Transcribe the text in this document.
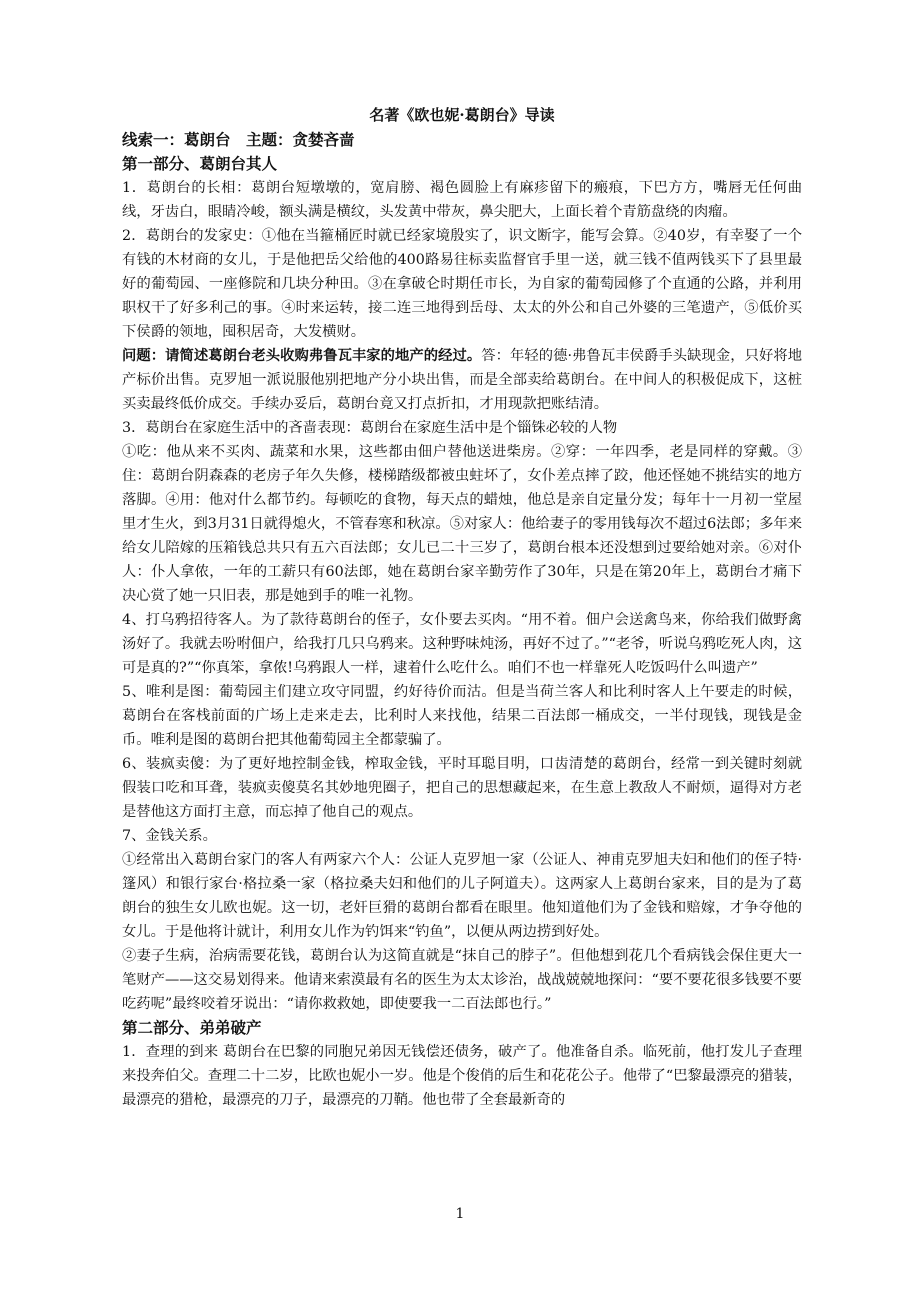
名著《欧也妮·葛朗台》导读
线索一：葛朗台　主题：贪婪吝啬
第一部分、葛朗台其人

1．葛朗台的长相：葛朗台短墩墩的，宽肩膀、褐色圆脸上有麻疹留下的瘢痕，下巴方方，嘴唇无任何曲线，牙齿白，眼睛冷峻，额头满是横纹，头发黄中带灰，鼻尖肥大，上面长着个青筋盘绕的肉瘤。

2．葛朗台的发家史：①他在当箍桶匠时就已经家境殷实了，识文断字，能写会算。②40岁，有幸娶了一个有钱的木材商的女儿，于是他把岳父给他的400路易往标卖监督官手里一送，就三钱不值两钱买下了县里最好的葡萄园、一座修院和几块分种田。③在拿破仑时期任市长，为自家的葡萄园修了个直通的公路，并利用职权干了好多利己的事。④时来运转，接二连三地得到岳母、太太的外公和自己外婆的三笔遗产，⑤低价买下侯爵的领地，囤积居奇，大发横财。

问题：请简述葛朗台老头收购弗鲁瓦丰家的地产的经过。答：年轻的德·弗鲁瓦丰侯爵手头缺现金，只好将地产标价出售。克罗旭一派说服他别把地产分小块出售，而是全部卖给葛朗台。在中间人的积极促成下，这桩买卖最终低价成交。手续办妥后，葛朗台竟又打点折扣，才用现款把账结清。

3．葛朗台在家庭生活中的吝啬表现：葛朗台在家庭生活中是个锱铢必较的人物

①吃：他从来不买肉、蔬菜和水果，这些都由佃户替他送进柴房。②穿：一年四季，老是同样的穿戴。③住：葛朗台阴森森的老房子年久失修，楼梯踏级都被虫蛀坏了，女仆差点摔了跤，他还怪她不挑结实的地方落脚。④用：他对什么都节约。每顿吃的食物，每天点的蜡烛，他总是亲自定量分发；每年十一月初一堂屋里才生火，到3月31日就得熄火，不管春寒和秋凉。⑤对家人：他给妻子的零用钱每次不超过6法郎；多年来给女儿陪嫁的压箱钱总共只有五六百法郎；女儿已二十三岁了，葛朗台根本还没想到过要给她对亲。⑥对仆人：仆人拿侬，一年的工薪只有60法郎，她在葛朗台家辛勤劳作了30年，只是在第20年上，葛朗台才痛下决心赏了她一只旧表，那是她到手的唯一礼物。

4、打乌鸦招待客人。为了款待葛朗台的侄子，女仆要去买肉。“用不着。佃户会送禽鸟来，你给我们做野禽汤好了。我就去吩咐佃户，给我打几只乌鸦来。这种野味炖汤，再好不过了。”“老爷，听说乌鸦吃死人肉，这可是真的?”“你真笨，拿侬!乌鸦跟人一样，逮着什么吃什么。咱们不也一样靠死人吃饭吗什么叫遗产”

5、唯利是图：葡萄园主们建立攻守同盟，约好待价而沽。但是当荷兰客人和比利时客人上午要走的时候，葛朗台在客栈前面的广场上走来走去，比利时人来找他，结果二百法郎一桶成交，一半付现钱，现钱是金币。唯利是图的葛朗台把其他葡萄园主全都蒙骗了。

6、装疯卖傻：为了更好地控制金钱，榨取金钱，平时耳聪目明，口齿清楚的葛朗台，经常一到关键时刻就假装口吃和耳聋，装疯卖傻莫名其妙地兜圈子，把自己的思想藏起来，在生意上教敌人不耐烦，逼得对方老是替他这方面打主意，而忘掉了他自己的观点。

7、金钱关系。

①经常出入葛朗台家门的客人有两家六个人：公证人克罗旭一家（公证人、神甫克罗旭夫妇和他们的侄子特·篷风）和银行家台·格拉桑一家（格拉桑夫妇和他们的儿子阿道夫）。这两家人上葛朗台家来，目的是为了葛朗台的独生女儿欧也妮。这一切，老奸巨猾的葛朗台都看在眼里。他知道他们为了金钱和赔嫁，才争夺他的女儿。于是他将计就计，利用女儿作为钓饵来“钓鱼”，以便从两边捞到好处。

②妻子生病，治病需要花钱，葛朗台认为这简直就是“抹自己的脖子”。但他想到花几个看病钱会保住更大一笔财产——这交易划得来。他请来索漠最有名的医生为太太诊治，战战兢兢地探问：“要不要花很多钱要不要吃药呢”最终咬着牙说出：“请你救救她，即使要我一二百法郎也行。”

第二部分、弟弟破产

1．查理的到来 葛朗台在巴黎的同胞兄弟因无钱偿还债务，破产了。他准备自杀。临死前，他打发儿子查理来投奔伯父。查理二十二岁，比欧也妮小一岁。他是个俊俏的后生和花花公子。他带了“巴黎最漂亮的猎装，最漂亮的猎枪，最漂亮的刀子，最漂亮的刀鞘。他也带了全套最新奇的

1
